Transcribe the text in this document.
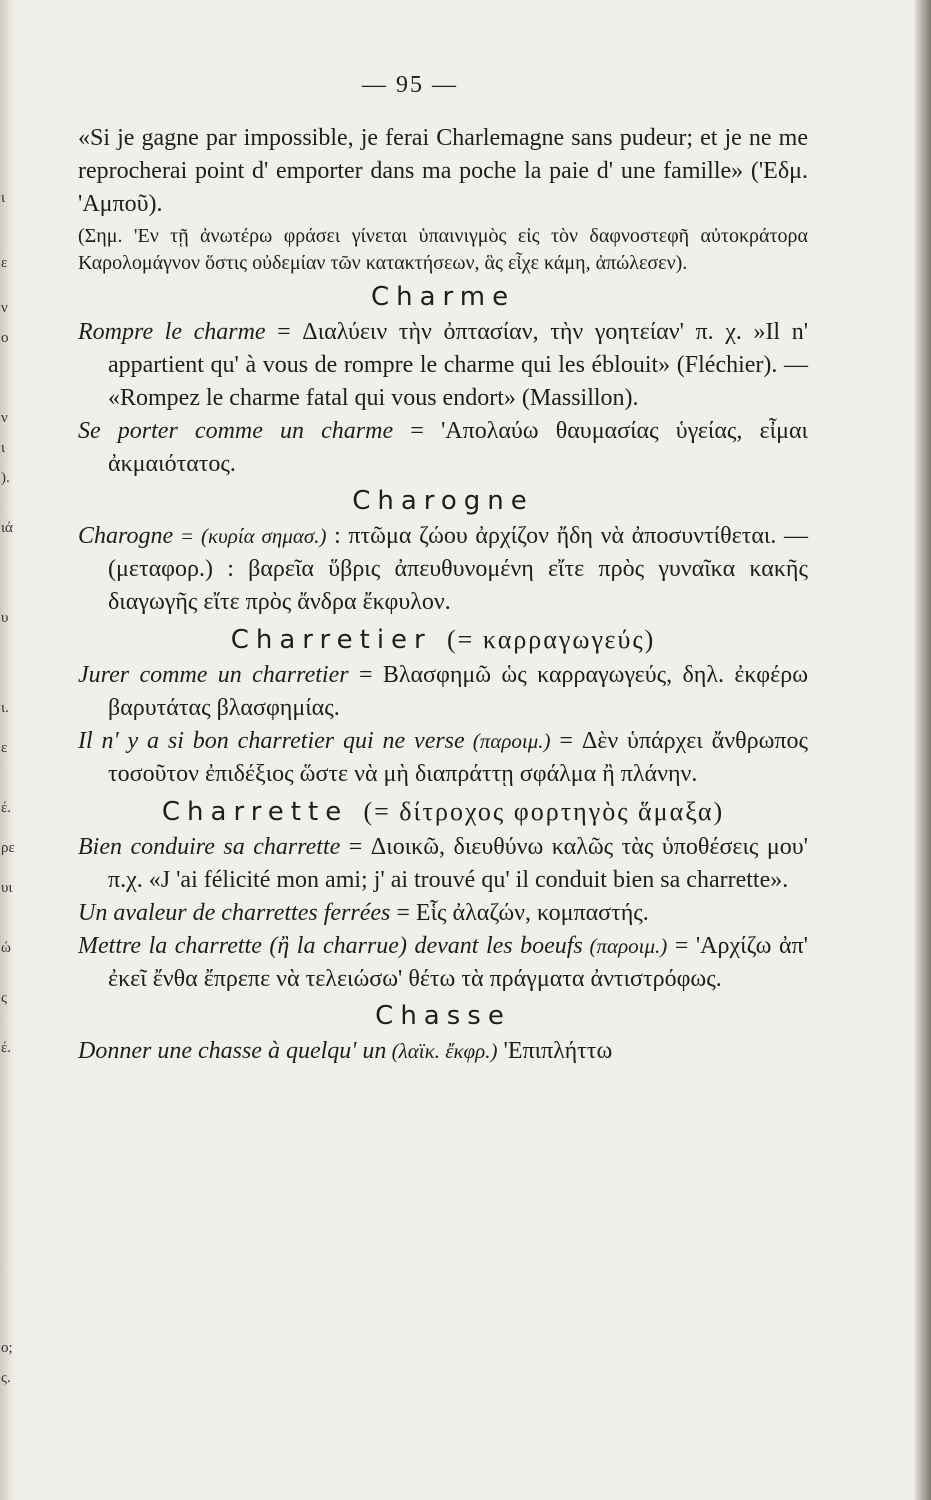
ι
ε
ν
ο
ν
ι
).
ιά
υ
ι.
ε
έ.
ρε
υι
ώ
ς
έ.
ο;
ς.
— 95 —

«Si je gagne par impossible, je ferai Charlemagne sans pudeur; et je ne me reprocherai point d' emporter dans ma poche la paie d' une famille» ('Εδμ. 'Αμποῦ).

(Σημ. 'Εν τῇ ἀνωτέρω φράσει γίνεται ὑπαινιγμὸς εἰς τὸν δαφνοστεφῆ αὐτοκράτορα Καρολομάγνον ὅστις οὐδεμίαν τῶν κατακτήσεων, ἃς εἶχε κάμη, ἀπώλεσεν).

Charme

Rompre le charme = Διαλύειν τὴν ὀπτασίαν, τὴν γοητείαν' π. χ. »Il n' appartient qu' à vous de rompre le charme qui les éblouit» (Fléchier). — «Rompez le charme fatal qui vous endort» (Massillon).

Se porter comme un charme = 'Απολαύω θαυμασίας ὑγείας, εἶμαι ἀκμαιότατος.

Charogne

Charogne = (κυρία σημασ.) : πτῶμα ζώου ἀρχίζον ἤδη νὰ ἀποσυντίθεται. — (μεταφορ.) : βαρεῖα ὕβρις ἀπευθυνομένη εἴτε πρὸς γυναῖκα κακῆς διαγωγῆς εἴτε πρὸς ἄνδρα ἔκφυλον.

Charretier (= καρραγωγεύς)

Jurer comme un charretier = Βλασφημῶ ὡς καρραγωγεύς, δηλ. ἐκφέρω βαρυτάτας βλασφημίας.

Il n' y a si bon charretier qui ne verse (παροιμ.) = Δὲν ὑπάρχει ἄνθρωπος τοσοῦτον ἐπιδέξιος ὥστε νὰ μὴ διαπράττῃ σφάλμα ἢ πλάνην.

Charrette (= δίτροχος φορτηγὸς ἅμαξα)

Bien conduire sa charrette = Διοικῶ, διευθύνω καλῶς τὰς ὑποθέσεις μου' π.χ. «J 'ai félicité mon ami; j' ai trouvé qu' il conduit bien sa charrette».

Un avaleur de charrettes ferrées = Εἷς ἀλαζών, κομπαστής.

Mettre la charrette (ἢ la charrue) devant les boeufs (παροιμ.) = 'Αρχίζω ἀπ' ἐκεῖ ἔνθα ἔπρεπε νὰ τελειώσω' θέτω τὰ πράγματα ἀντιστρόφως.

Chasse

Donner une chasse à quelqu' un (λαϊκ. ἔκφρ.) 'Επιπλήττω
